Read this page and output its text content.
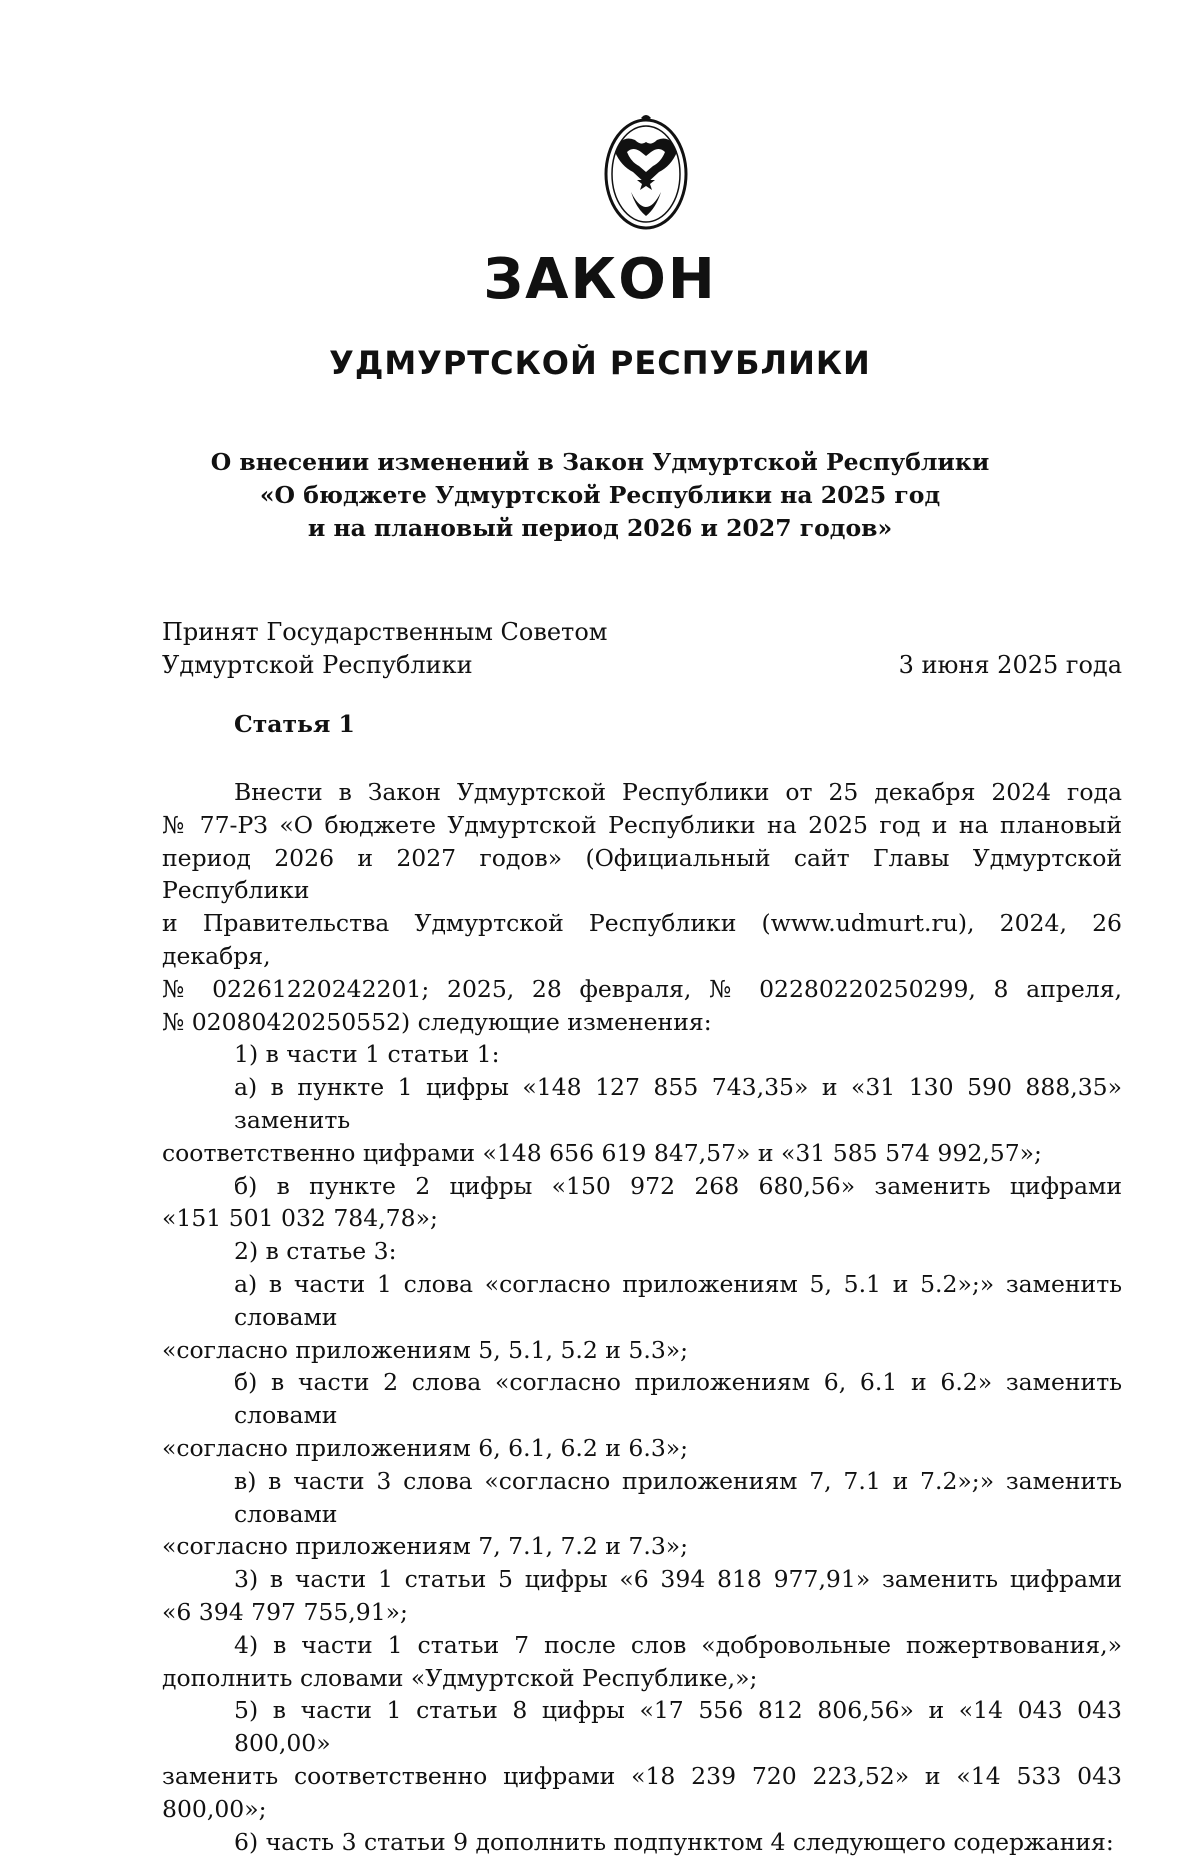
ЗАКОН
УДМУРТСКОЙ РЕСПУБЛИКИ
О внесении изменений в Закон Удмуртской Республики
«О бюджете Удмуртской Республики на 2025 год
и на плановый период 2026 и 2027 годов»
Принят Государственным Советом
Удмуртской Республики	3 июня 2025 года
Статья 1
Внести в Закон Удмуртской Республики от 25 декабря 2024 года
№ 77-РЗ «О бюджете Удмуртской Республики на 2025 год и на плановый
период 2026 и 2027 годов» (Официальный сайт Главы Удмуртской Республики
и Правительства Удмуртской Республики (www.udmurt.ru), 2024, 26 декабря,
№ 02261220242201; 2025, 28 февраля, № 02280220250299, 8 апреля,
№ 02080420250552) следующие изменения:
1) в части 1 статьи 1:
а) в пункте 1 цифры «148 127 855 743,35» и «31 130 590 888,35» заменить
соответственно цифрами «148 656 619 847,57» и «31 585 574 992,57»;
б) в пункте 2 цифры «150 972 268 680,56» заменить цифрами
«151 501 032 784,78»;
2) в статье 3:
а) в части 1 слова «согласно приложениям 5, 5.1 и 5.2»;» заменить словами
«согласно приложениям 5, 5.1, 5.2 и 5.3»;
б) в части 2 слова «согласно приложениям 6, 6.1 и 6.2» заменить словами
«согласно приложениям 6, 6.1, 6.2 и 6.3»;
в) в части 3 слова «согласно приложениям 7, 7.1 и 7.2»;» заменить словами
«согласно приложениям 7, 7.1, 7.2 и 7.3»;
3) в части 1 статьи 5 цифры «6 394 818 977,91» заменить цифрами
«6 394 797 755,91»;
4) в части 1 статьи 7 после слов «добровольные пожертвования,»
дополнить словами «Удмуртской Республике,»;
5) в части 1 статьи 8 цифры «17 556 812 806,56» и «14 043 043 800,00»
заменить соответственно цифрами «18 239 720 223,52» и «14 533 043 800,00»;
6) часть 3 статьи 9 дополнить подпунктом 4 следующего содержания:
